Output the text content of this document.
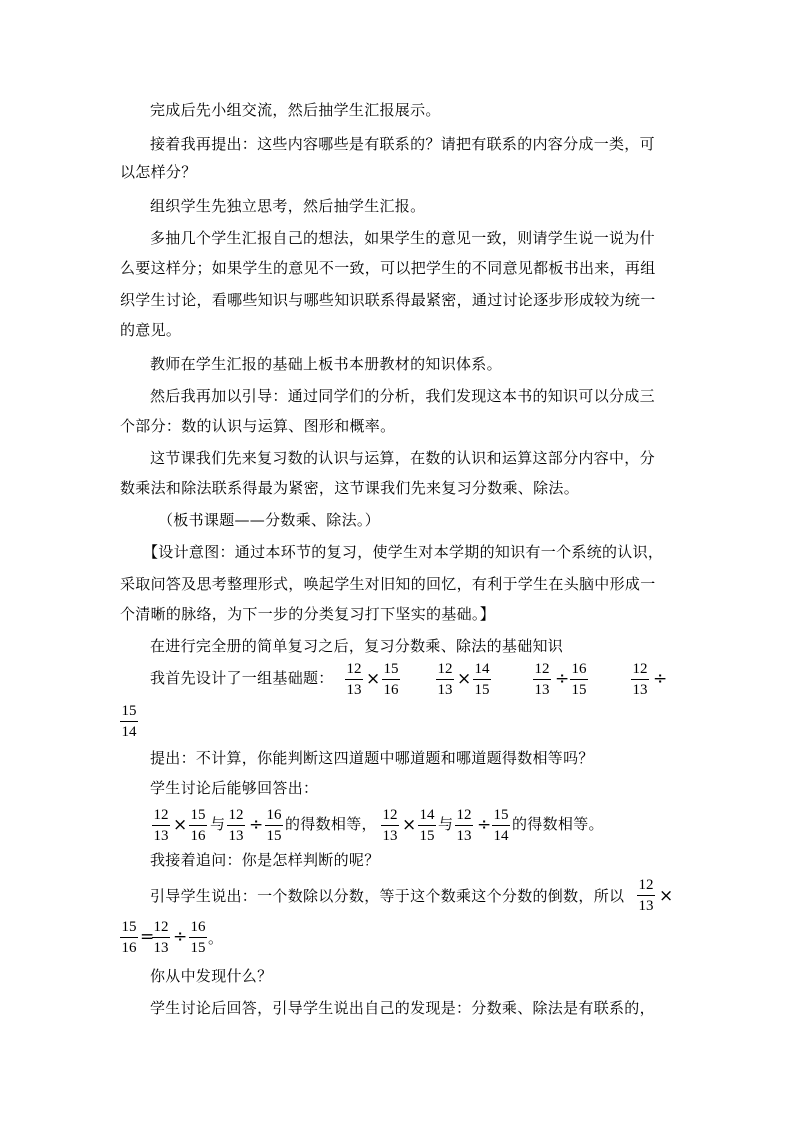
完成后先小组交流，然后抽学生汇报展示。
接着我再提出：这些内容哪些是有联系的？请把有联系的内容分成一类，可
以怎样分？
组织学生先独立思考，然后抽学生汇报。
多抽几个学生汇报自己的想法，如果学生的意见一致，则请学生说一说为什
么要这样分；如果学生的意见不一致，可以把学生的不同意见都板书出来，再组
织学生讨论，看哪些知识与哪些知识联系得最紧密，通过讨论逐步形成较为统一
的意见。
教师在学生汇报的基础上板书本册教材的知识体系。
然后我再加以引导：通过同学们的分析，我们发现这本书的知识可以分成三
个部分：数的认识与运算、图形和概率。
这节课我们先来复习数的认识与运算，在数的认识和运算这部分内容中，分
数乘法和除法联系得最为紧密，这节课我们先来复习分数乘、除法。
（板书课题——分数乘、除法。）
【设计意图：通过本环节的复习，使学生对本学期的知识有一个系统的认识，
采取问答及思考整理形式，唤起学生对旧知的回忆，有利于学生在头脑中形成一
个清晰的脉络，为下一步的分类复习打下坚实的基础。】
在进行完全册的简单复习之后，复习分数乘、除法的基础知识
我首先设计了一组基础题： 12
13
× 15
16
12
13
× 14
15
12
13
÷ 16
15
12
13
÷
15
14
提出：不计算，你能判断这四道题中哪道题和哪道题得数相等吗？
学生讨论后能够回答出：
12
13
× 15
16
与 12
13
÷ 16
15
的得数相等， 12
13
× 14
15
与 12
13
÷ 15
14
的得数相等。
我接着追问：你是怎样判断的呢？
引导学生说出：一个数除以分数，等于这个数乘这个分数的倒数，所以
12
13 ×
15
16
= 12
13
÷ 16
15
。
你从中发现什么？
学生讨论后回答，引导学生说出自己的发现是：分数乘、除法是有联系的，
